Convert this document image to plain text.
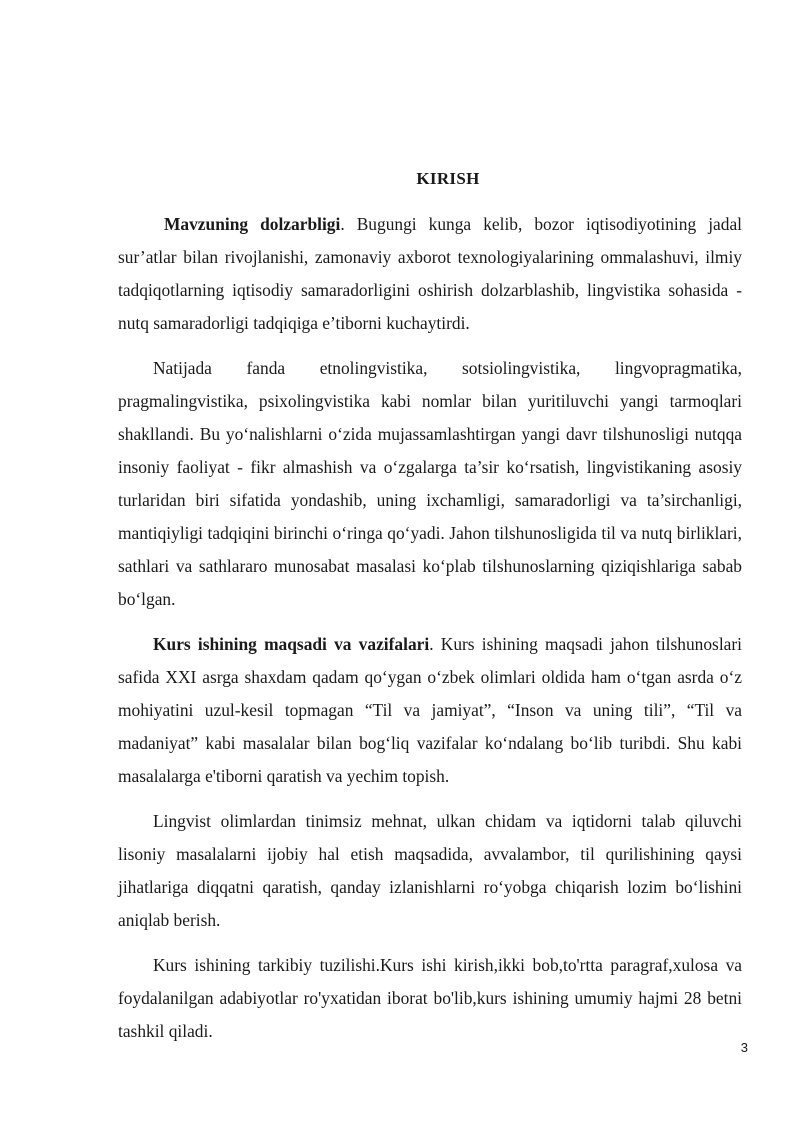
KIRISH

Mavzuning dolzarbligi. Bugungi kunga kelib, bozor iqtisodiyotining jadal sur’atlar bilan rivojlanishi, zamonaviy axborot texnologiyalarining ommalashuvi, ilmiy tadqiqotlarning iqtisodiy samaradorligini oshirish dolzarblashib, lingvistika sohasida - nutq samaradorligi tadqiqiga e’tiborni kuchaytirdi.

Natijada fanda etnolingvistika, sotsiolingvistika, lingvopragmatika, pragmalingvistika, psixolingvistika kabi nomlar bilan yuritiluvchi yangi tarmoqlari shakllandi. Bu yo‘nalishlarni o‘zida mujassamlashtirgan yangi davr tilshunosligi nutqqa insoniy faoliyat - fikr almashish va o‘zgalarga ta’sir ko‘rsatish, lingvistikaning asosiy turlaridan biri sifatida yondashib, uning ixchamligi, samaradorligi va ta’sirchanligi, mantiqiyligi tadqiqini birinchi o‘ringa qo‘yadi. Jahon tilshunosligida til va nutq birliklari, sathlari va sathlararo munosabat masalasi ko‘plab tilshunoslarning qiziqishlariga sabab bo‘lgan.

Kurs ishining maqsadi va vazifalari. Kurs ishining maqsadi jahon tilshunoslari safida XXI asrga shaxdam qadam qo‘ygan o‘zbek olimlari oldida ham o‘tgan asrda o‘z mohiyatini uzul-kesil topmagan “Til va jamiyat”, “Inson va uning tili”, “Til va madaniyat” kabi masalalar bilan bog‘liq vazifalar ko‘ndalang bo‘lib turibdi. Shu kabi masalalarga e'tiborni qaratish va yechim topish.

Lingvist olimlardan tinimsiz mehnat, ulkan chidam va iqtidorni talab qiluvchi lisoniy masalalarni ijobiy hal etish maqsadida, avvalambor, til qurilishining qaysi jihatlariga diqqatni qaratish, qanday izlanishlarni ro‘yobga chiqarish lozim bo‘lishini aniqlab berish.

Kurs ishining tarkibiy tuzilishi.Kurs ishi kirish,ikki bob,to'rtta paragraf,xulosa va foydalanilgan adabiyotlar ro'yxatidan iborat bo'lib,kurs ishining umumiy hajmi 28 betni tashkil qiladi.

3
